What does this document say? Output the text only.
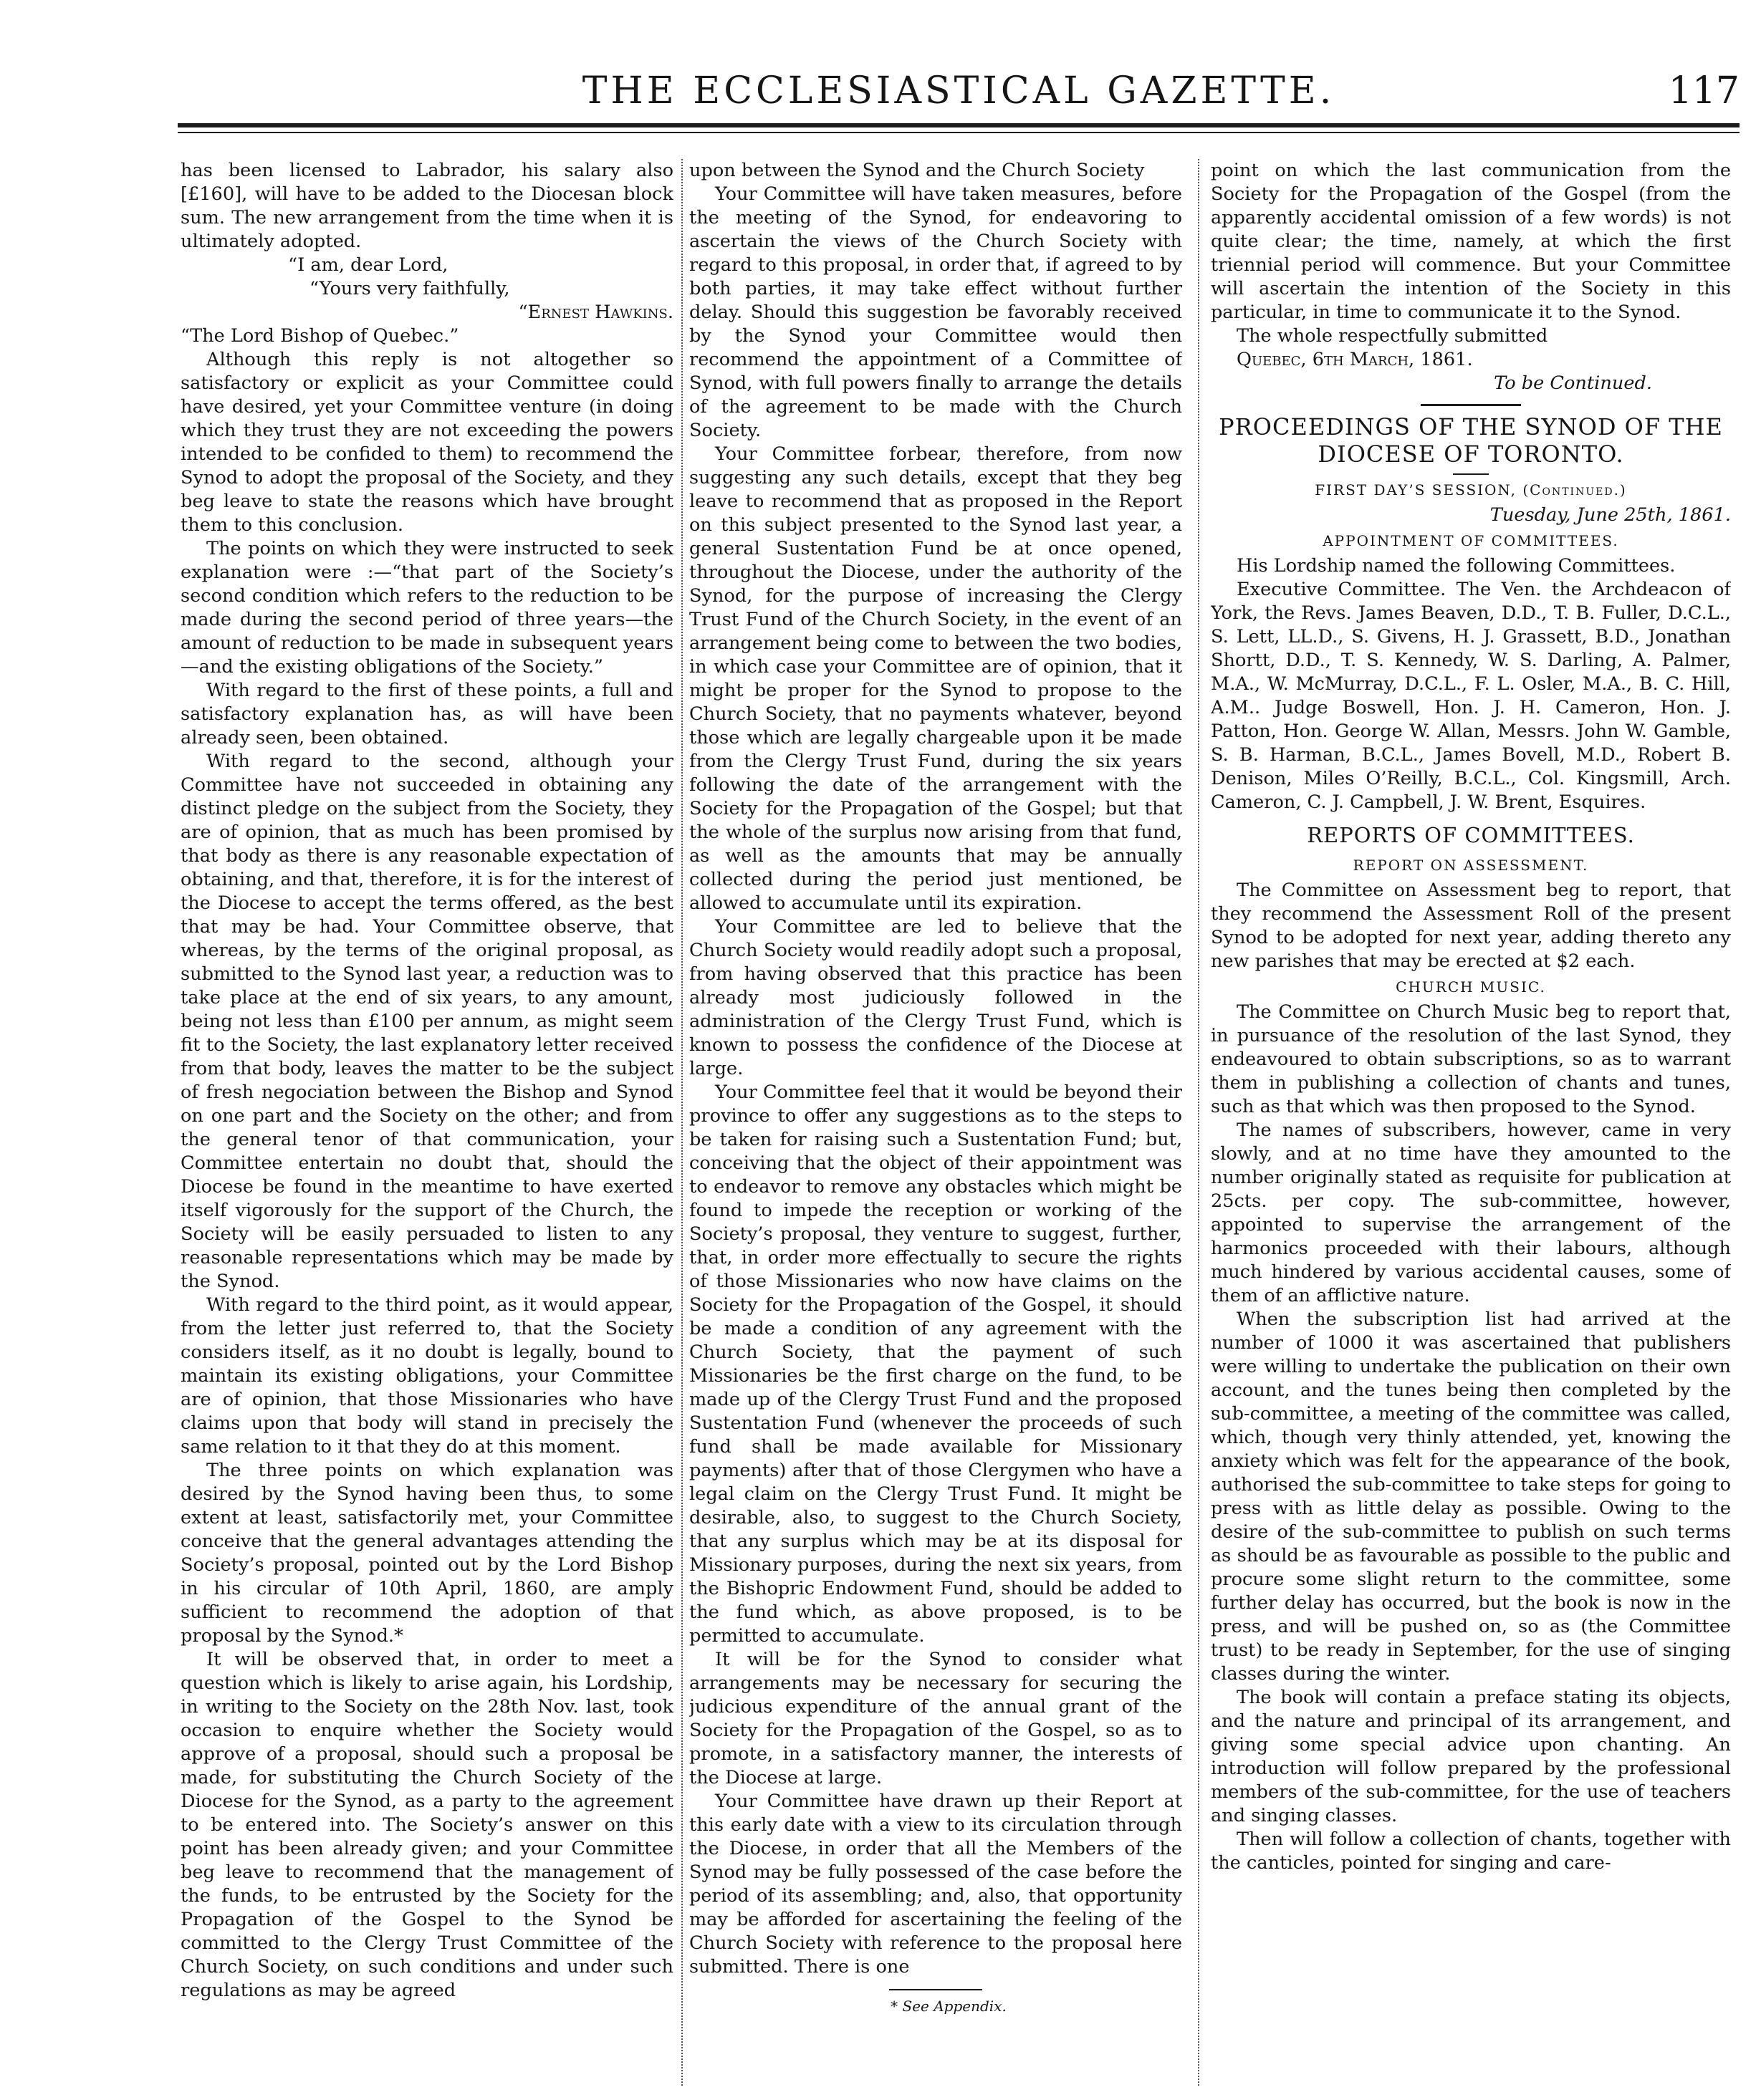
THE ECCLESIASTICAL GAZETTE.	117

has been licensed to Labrador, his salary also [£160], will have to be added to the Diocesan block sum. The new arrangement from the time when it is ultimately adopted.

“I am, dear Lord,

“Yours very faithfully,

“Ernest Hawkins.

“The Lord Bishop of Quebec.”

Although this reply is not altogether so satisfactory or explicit as your Committee could have desired, yet your Committee venture (in doing which they trust they are not exceeding the powers intended to be confided to them) to recommend the Synod to adopt the proposal of the Society, and they beg leave to state the reasons which have brought them to this conclusion.

The points on which they were instructed to seek explanation were :—“that part of the Society’s second condition which refers to the reduction to be made during the second period of three years—the amount of reduction to be made in subsequent years—and the existing obligations of the Society.”

With regard to the first of these points, a full and satisfactory explanation has, as will have been already seen, been obtained.

With regard to the second, although your Committee have not succeeded in obtaining any distinct pledge on the subject from the Society, they are of opinion, that as much has been promised by that body as there is any reasonable expectation of obtaining, and that, therefore, it is for the interest of the Diocese to accept the terms offered, as the best that may be had. Your Committee observe, that whereas, by the terms of the original proposal, as submitted to the Synod last year, a reduction was to take place at the end of six years, to any amount, being not less than £100 per annum, as might seem fit to the Society, the last explanatory letter received from that body, leaves the matter to be the subject of fresh negociation between the Bishop and Synod on one part and the Society on the other; and from the general tenor of that communication, your Committee entertain no doubt that, should the Diocese be found in the meantime to have exerted itself vigorously for the support of the Church, the Society will be easily persuaded to listen to any reasonable representations which may be made by the Synod.

With regard to the third point, as it would appear, from the letter just referred to, that the Society considers itself, as it no doubt is legally, bound to maintain its existing obligations, your Committee are of opinion, that those Missionaries who have claims upon that body will stand in precisely the same relation to it that they do at this moment.

The three points on which explanation was desired by the Synod having been thus, to some extent at least, satisfactorily met, your Committee conceive that the general advantages attending the Society’s proposal, pointed out by the Lord Bishop in his circular of 10th April, 1860, are amply sufficient to recommend the adoption of that proposal by the Synod.*

It will be observed that, in order to meet a question which is likely to arise again, his Lordship, in writing to the Society on the 28th Nov. last, took occasion to enquire whether the Society would approve of a proposal, should such a proposal be made, for substituting the Church Society of the Diocese for the Synod, as a party to the agreement to be entered into. The Society’s answer on this point has been already given; and your Committee beg leave to recommend that the management of the funds, to be entrusted by the Society for the Propagation of the Gospel to the Synod be committed to the Clergy Trust Committee of the Church Society, on such conditions and under such regulations as may be agreed

upon between the Synod and the Church Society

Your Committee will have taken measures, before the meeting of the Synod, for endeavoring to ascertain the views of the Church Society with regard to this proposal, in order that, if agreed to by both parties, it may take effect without further delay. Should this suggestion be favorably received by the Synod your Committee would then recommend the appointment of a Committee of Synod, with full powers finally to arrange the details of the agreement to be made with the Church Society.

Your Committee forbear, therefore, from now suggesting any such details, except that they beg leave to recommend that as proposed in the Report on this subject presented to the Synod last year, a general Sustentation Fund be at once opened, throughout the Diocese, under the authority of the Synod, for the purpose of increasing the Clergy Trust Fund of the Church Society, in the event of an arrangement being come to between the two bodies, in which case your Committee are of opinion, that it might be proper for the Synod to propose to the Church Society, that no payments whatever, beyond those which are legally chargeable upon it be made from the Clergy Trust Fund, during the six years following the date of the arrangement with the Society for the Propagation of the Gospel; but that the whole of the surplus now arising from that fund, as well as the amounts that may be annually collected during the period just mentioned, be allowed to accumulate until its expiration.

Your Committee are led to believe that the Church Society would readily adopt such a proposal, from having observed that this practice has been already most judiciously followed in the administration of the Clergy Trust Fund, which is known to possess the confidence of the Diocese at large.

Your Committee feel that it would be beyond their province to offer any suggestions as to the steps to be taken for raising such a Sustentation Fund; but, conceiving that the object of their appointment was to endeavor to remove any obstacles which might be found to impede the reception or working of the Society’s proposal, they venture to suggest, further, that, in order more effectually to secure the rights of those Missionaries who now have claims on the Society for the Propagation of the Gospel, it should be made a condition of any agreement with the Church Society, that the payment of such Missionaries be the first charge on the fund, to be made up of the Clergy Trust Fund and the proposed Sustentation Fund (whenever the proceeds of such fund shall be made available for Missionary payments) after that of those Clergymen who have a legal claim on the Clergy Trust Fund. It might be desirable, also, to suggest to the Church Society, that any surplus which may be at its disposal for Missionary purposes, during the next six years, from the Bishopric Endowment Fund, should be added to the fund which, as above proposed, is to be permitted to accumulate.

It will be for the Synod to consider what arrangements may be necessary for securing the judicious expenditure of the annual grant of the Society for the Propagation of the Gospel, so as to promote, in a satisfactory manner, the interests of the Diocese at large.

Your Committee have drawn up their Report at this early date with a view to its circulation through the Diocese, in order that all the Members of the Synod may be fully possessed of the case before the period of its assembling; and, also, that opportunity may be afforded for ascertaining the feeling of the Church Society with reference to the proposal here submitted. There is one

* See Appendix.

point on which the last communication from the Society for the Propagation of the Gospel (from the apparently accidental omission of a few words) is not quite clear; the time, namely, at which the first triennial period will commence. But your Committee will ascertain the intention of the Society in this particular, in time to communicate it to the Synod.

The whole respectfully submitted

Quebec, 6th March, 1861.

To be Continued.

PROCEEDINGS OF THE SYNOD OF THE DIOCESE OF TORONTO.
FIRST DAY’S SESSION, (Continued.)

Tuesday, June 25th, 1861.

APPOINTMENT OF COMMITTEES.

His Lordship named the following Committees.

Executive Committee. The Ven. the Archdeacon of York, the Revs. James Beaven, D.D., T. B. Fuller, D.C.L., S. Lett, LL.D., S. Givens, H. J. Grassett, B.D., Jonathan Shortt, D.D., T. S. Kennedy, W. S. Darling, A. Palmer, M.A., W. McMurray, D.C.L., F. L. Osler, M.A., B. C. Hill, A.M.. Judge Boswell, Hon. J. H. Cameron, Hon. J. Patton, Hon. George W. Allan, Messrs. John W. Gamble, S. B. Harman, B.C.L., James Bovell, M.D., Robert B. Denison, Miles O’Reilly, B.C.L., Col. Kingsmill, Arch. Cameron, C. J. Campbell, J. W. Brent, Esquires.

REPORTS OF COMMITTEES.
REPORT ON ASSESSMENT.

The Committee on Assessment beg to report, that they recommend the Assessment Roll of the present Synod to be adopted for next year, adding thereto any new parishes that may be erected at $2 each.

CHURCH MUSIC.

The Committee on Church Music beg to report that, in pursuance of the resolution of the last Synod, they endeavoured to obtain subscriptions, so as to warrant them in publishing a collection of chants and tunes, such as that which was then proposed to the Synod.

The names of subscribers, however, came in very slowly, and at no time have they amounted to the number originally stated as requisite for publication at 25cts. per copy. The sub-committee, however, appointed to supervise the arrangement of the harmonics proceeded with their labours, although much hindered by various accidental causes, some of them of an afflictive nature.

When the subscription list had arrived at the number of 1000 it was ascertained that publishers were willing to undertake the publication on their own account, and the tunes being then completed by the sub-committee, a meeting of the committee was called, which, though very thinly attended, yet, knowing the anxiety which was felt for the appearance of the book, authorised the sub-committee to take steps for going to press with as little delay as possible. Owing to the desire of the sub-committee to publish on such terms as should be as favourable as possible to the public and procure some slight return to the committee, some further delay has occurred, but the book is now in the press, and will be pushed on, so as (the Committee trust) to be ready in September, for the use of singing classes during the winter.

The book will contain a preface stating its objects, and the nature and principal of its arrangement, and giving some special advice upon chanting. An introduction will follow prepared by the professional members of the sub-committee, for the use of teachers and singing classes.

Then will follow a collection of chants, together with the canticles, pointed for singing and care-
